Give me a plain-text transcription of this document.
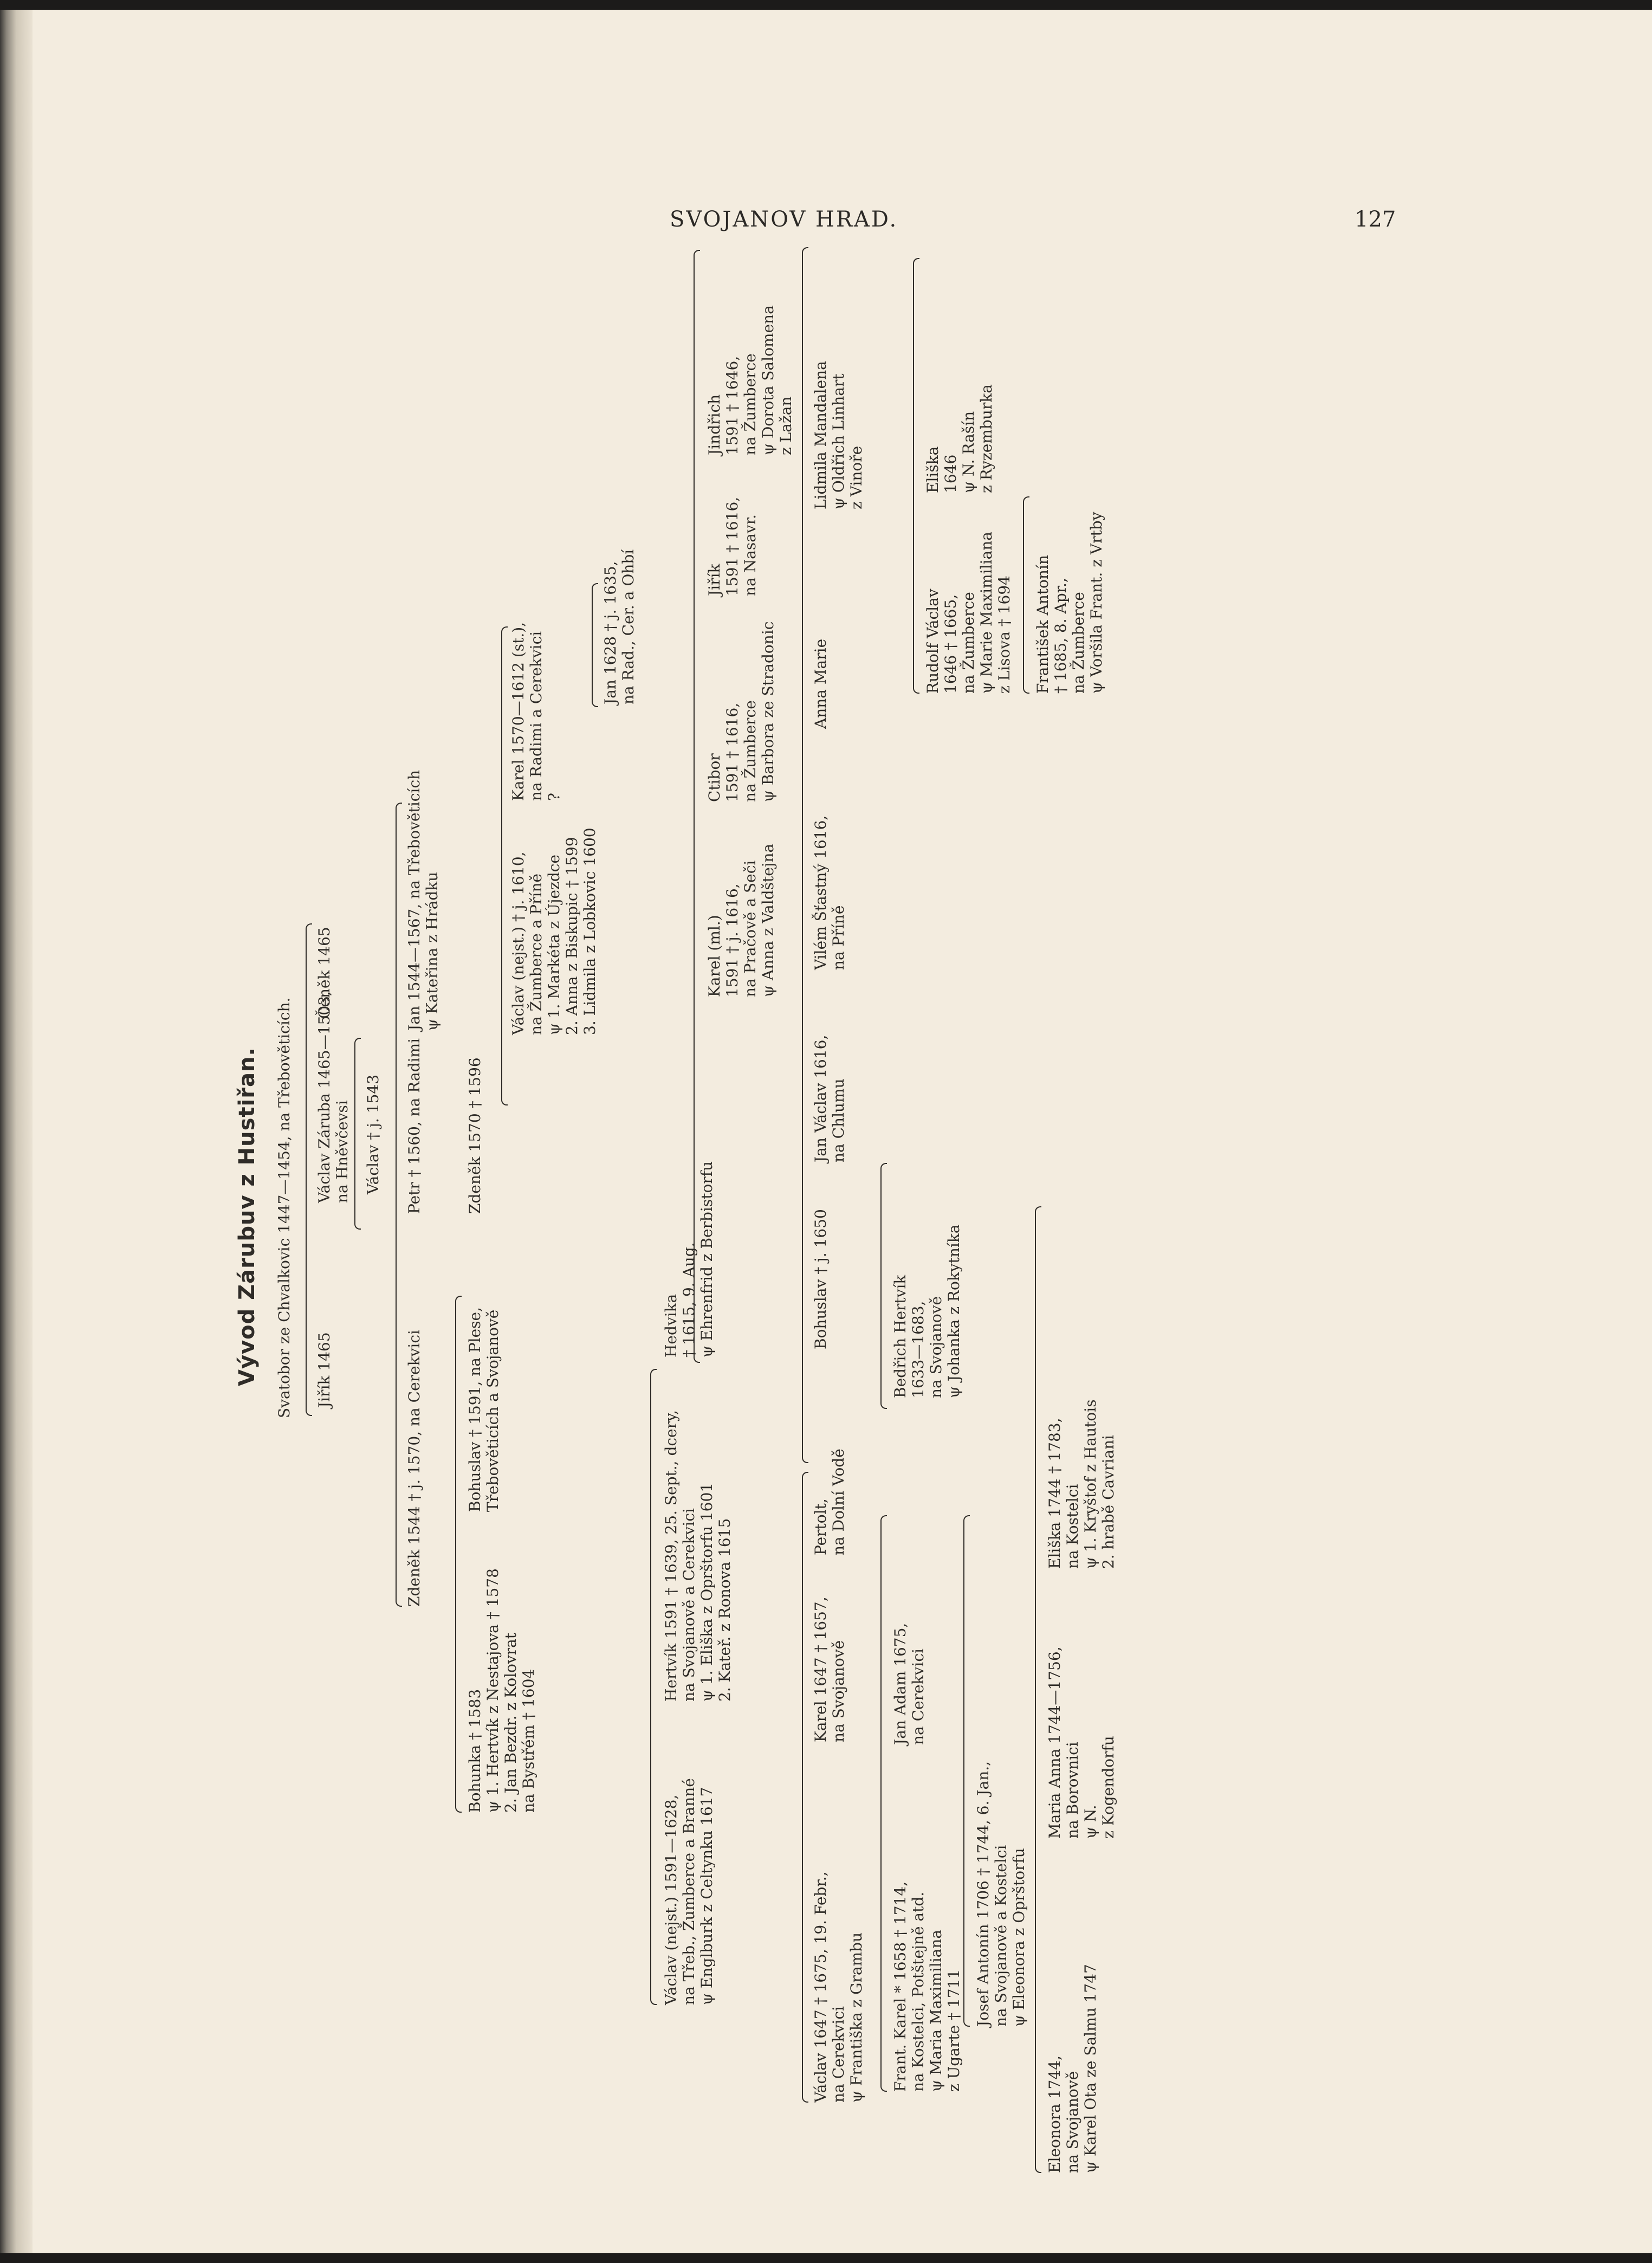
SVOJANOV HRAD.	127
Vývod Zárubuv z Hustiřan. Svatobor ze Chvalkovic 1447—1454, na Třebověticích. Jiřík 1465
Václav Záruba 1465—1503,
na Hněvčevsi
Čeněk 1465
Václav † j. 1543
Zdeněk 1544 † j. 1570, na Cerekvici
Petr † 1560, na Radimi
Jan 1544—1567, na Třebověticích
ψ Kateřina z Hrádku
Bohunka † 1583
ψ 1. Hertvík z Nestajova † 1578
2. Jan Bezdr. z Kolovrat
na Bystřém † 1604
Bohuslav † 1591, na Plese,
Třebověticích a Svojanově
Zdeněk 1570 † 1596
Václav (nejst.) † j. 1610,
na Žumberce a Příně
ψ 1. Markéta z Újezdce
2. Anna z Biskupic † 1599
3. Lidmila z Lobkovic 1600
Karel 1570—1612 (st.),
na Radimi a Cerekvici
?
Jan 1628 † j. 1635,
na Rad., Cer. a Ohbí
Václav (nejst.) 1591—1628,
na Třeb., Žumberce a Branné
ψ Englburk z Celtynku 1617
Hertvík 1591 † 1639, 25. Sept., dcery,
na Svojanově a Cerekvici
ψ 1. Eliška z Oprštorfu 1601
2. Kateř. z Ronova 1615
Hedvika
† 1615, 9. Aug.
ψ Ehrenfrid z Berbistorfu
Karel (ml.)
1591 † j. 1616,
na Pračově a Seči
ψ Anna z Valdštejna
Ctibor
1591 † 1616,
na Žumberce
ψ Barbora ze Stradonic
Jiřík
1591 † 1616,
na Nasavr.
Jindřich
1591 † 1646,
na Žumberce
ψ Dorota Salomena
z Lažan
Václav 1647 † 1675, 19. Febr.,
na Cerekvici
ψ Františka z Grambu
Karel 1647 † 1657,
na Svojanově
Pertolt,
na Dolní Vodě
Bohuslav † j. 1650
Jan Václav 1616,
na Chlumu
Vilém Šťastný 1616,
na Příně
Anna Marie
Lidmila Mandalena
ψ Oldřich Linhart
z Vinoře
Rudolf Václav
1646 † 1665,
na Žumberce
ψ Marie Maximiliana
z Lisova † 1694
Eliška
1646
ψ N. Rašín
z Ryzemburka
Frant. Karel * 1658 † 1714,
na Kostelci, Potštejně atd.
ψ Maria Maximiliana
z Ugarte † 1711
Jan Adam 1675,
na Cerekvici
Bedřich Hertvík
1633—1683,
na Svojanově
ψ Johanka z Rokytníka
František Antonín
† 1685, 8. Apr.,
na Žumberce
ψ Voršila Frant. z Vrtby
Josef Antonín 1706 † 1744, 6. Jan.,
na Svojanově a Kostelci
ψ Eleonora z Oprštorfu
Eleonora 1744,
na Svojanově
ψ Karel Ota ze Salmu 1747
Maria Anna 1744—1756,
na Borovnici
ψ N.
z Kogendorfu
Eliška 1744 † 1783,
na Kostelci
ψ 1. Kryštof z Hautois
2. hrabě Cavriani
